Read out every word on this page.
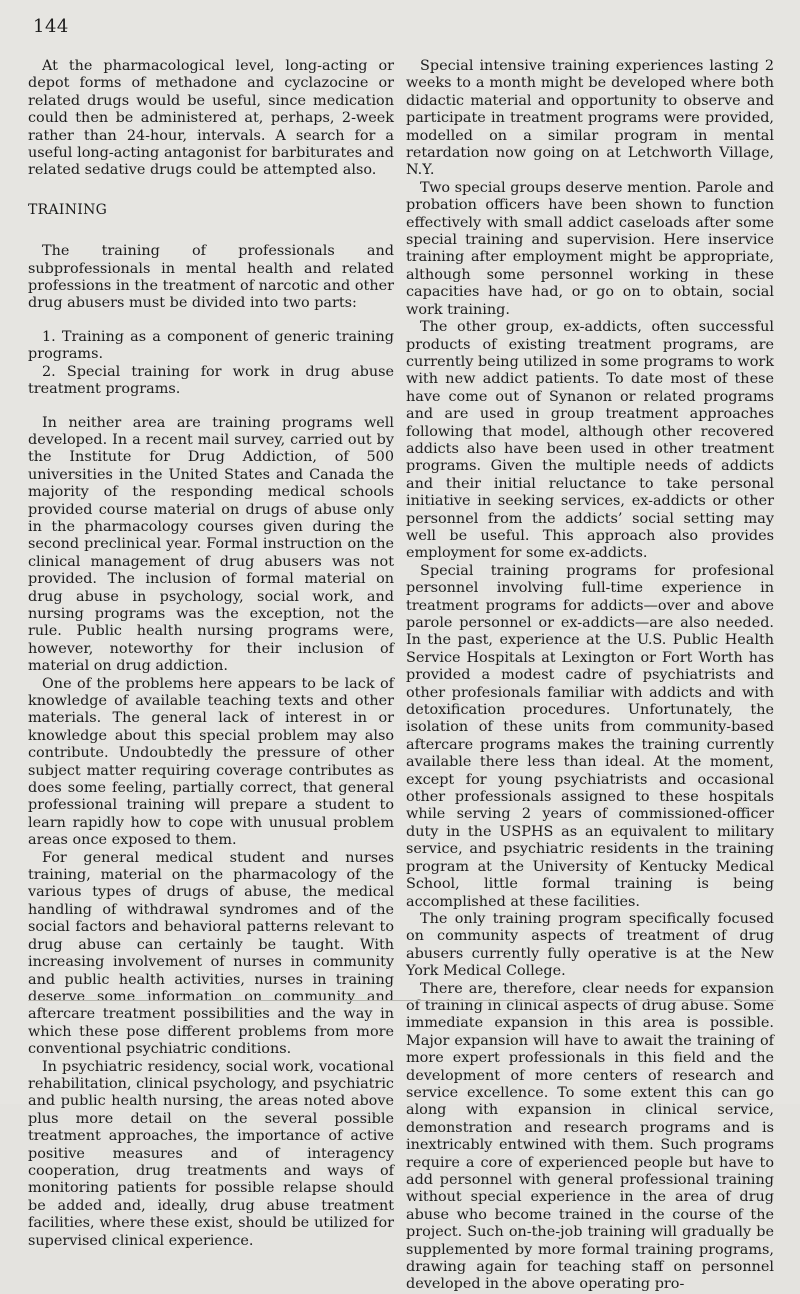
144

At the pharmacological level, long-acting or depot forms of methadone and cyclazocine or related drugs would be useful, since medication could then be administered at, perhaps, 2-week rather than 24-hour, intervals. A search for a useful long-acting antagonist for barbiturates and related sedative drugs could be attempted also.

TRAINING

The training of professionals and subprofessionals in mental health and related professions in the treatment of narcotic and other drug abusers must be divided into two parts:

1. Training as a component of generic training programs.

2. Special training for work in drug abuse treatment programs.

In neither area are training programs well developed. In a recent mail survey, carried out by the Institute for Drug Addiction, of 500 universities in the United States and Canada the majority of the responding medical schools provided course material on drugs of abuse only in the pharmacology courses given during the second preclinical year. Formal instruction on the clinical management of drug abusers was not provided. The inclusion of formal material on drug abuse in psychology, social work, and nursing programs was the exception, not the rule. Public health nursing programs were, however, noteworthy for their inclusion of material on drug addiction.

One of the problems here appears to be lack of knowledge of available teaching texts and other materials. The general lack of interest in or knowledge about this special problem may also contribute. Undoubtedly the pressure of other subject matter requiring coverage contributes as does some feeling, partially correct, that general professional training will prepare a student to learn rapidly how to cope with unusual problem areas once exposed to them.

For general medical student and nurses training, material on the pharmacology of the various types of drugs of abuse, the medical handling of withdrawal syndromes and of the social factors and behavioral patterns relevant to drug abuse can certainly be taught. With increasing involvement of nurses in community and public health activities, nurses in training deserve some information on community and aftercare treatment possibilities and the way in which these pose different problems from more conventional psychiatric conditions.

In psychiatric residency, social work, vocational rehabilitation, clinical psychology, and psychiatric and public health nursing, the areas noted above plus more detail on the several possible treatment approaches, the importance of active positive measures and of interagency cooperation, drug treatments and ways of monitoring patients for possible relapse should be added and, ideally, drug abuse treatment facilities, where these exist, should be utilized for supervised clinical experience.

Special intensive training experiences lasting 2 weeks to a month might be developed where both didactic material and opportunity to observe and participate in treatment programs were provided, modelled on a similar program in mental retardation now going on at Letchworth Village, N.Y.

Two special groups deserve mention. Parole and probation officers have been shown to function effectively with small addict caseloads after some special training and supervision. Here inservice training after employment might be appropriate, although some personnel working in these capacities have had, or go on to obtain, social work training.

The other group, ex-addicts, often successful products of existing treatment programs, are currently being utilized in some programs to work with new addict patients. To date most of these have come out of Synanon or related programs and are used in group treatment approaches following that model, although other recovered addicts also have been used in other treatment programs. Given the multiple needs of addicts and their initial reluctance to take personal initiative in seeking services, ex-addicts or other personnel from the addicts’ social setting may well be useful. This approach also provides employment for some ex-addicts.

Special training programs for profesional personnel involving full-time experience in treatment programs for addicts—over and above parole personnel or ex-addicts—are also needed. In the past, experience at the U.S. Public Health Service Hospitals at Lexington or Fort Worth has provided a modest cadre of psychiatrists and other profesionals familiar with addicts and with detoxification procedures. Unfortunately, the isolation of these units from community-based aftercare programs makes the training currently available there less than ideal. At the moment, except for young psychiatrists and occasional other professionals assigned to these hospitals while serving 2 years of commissioned-officer duty in the USPHS as an equivalent to military service, and psychiatric residents in the training program at the University of Kentucky Medical School, little formal training is being accomplished at these facilities.

The only training program specifically focused on community aspects of treatment of drug abusers currently fully operative is at the New York Medical College.

There are, therefore, clear needs for expansion of training in clinical aspects of drug abuse. Some immediate expansion in this area is possible. Major expansion will have to await the training of more expert professionals in this field and the development of more centers of research and service excellence. To some extent this can go along with expansion in clinical service, demonstration and research programs and is inextricably entwined with them. Such programs require a core of experienced people but have to add personnel with general professional training without special experience in the area of drug abuse who become trained in the course of the project. Such on-the-job training will gradually be supplemented by more formal training programs, drawing again for teaching staff on personnel developed in the above operating pro-
